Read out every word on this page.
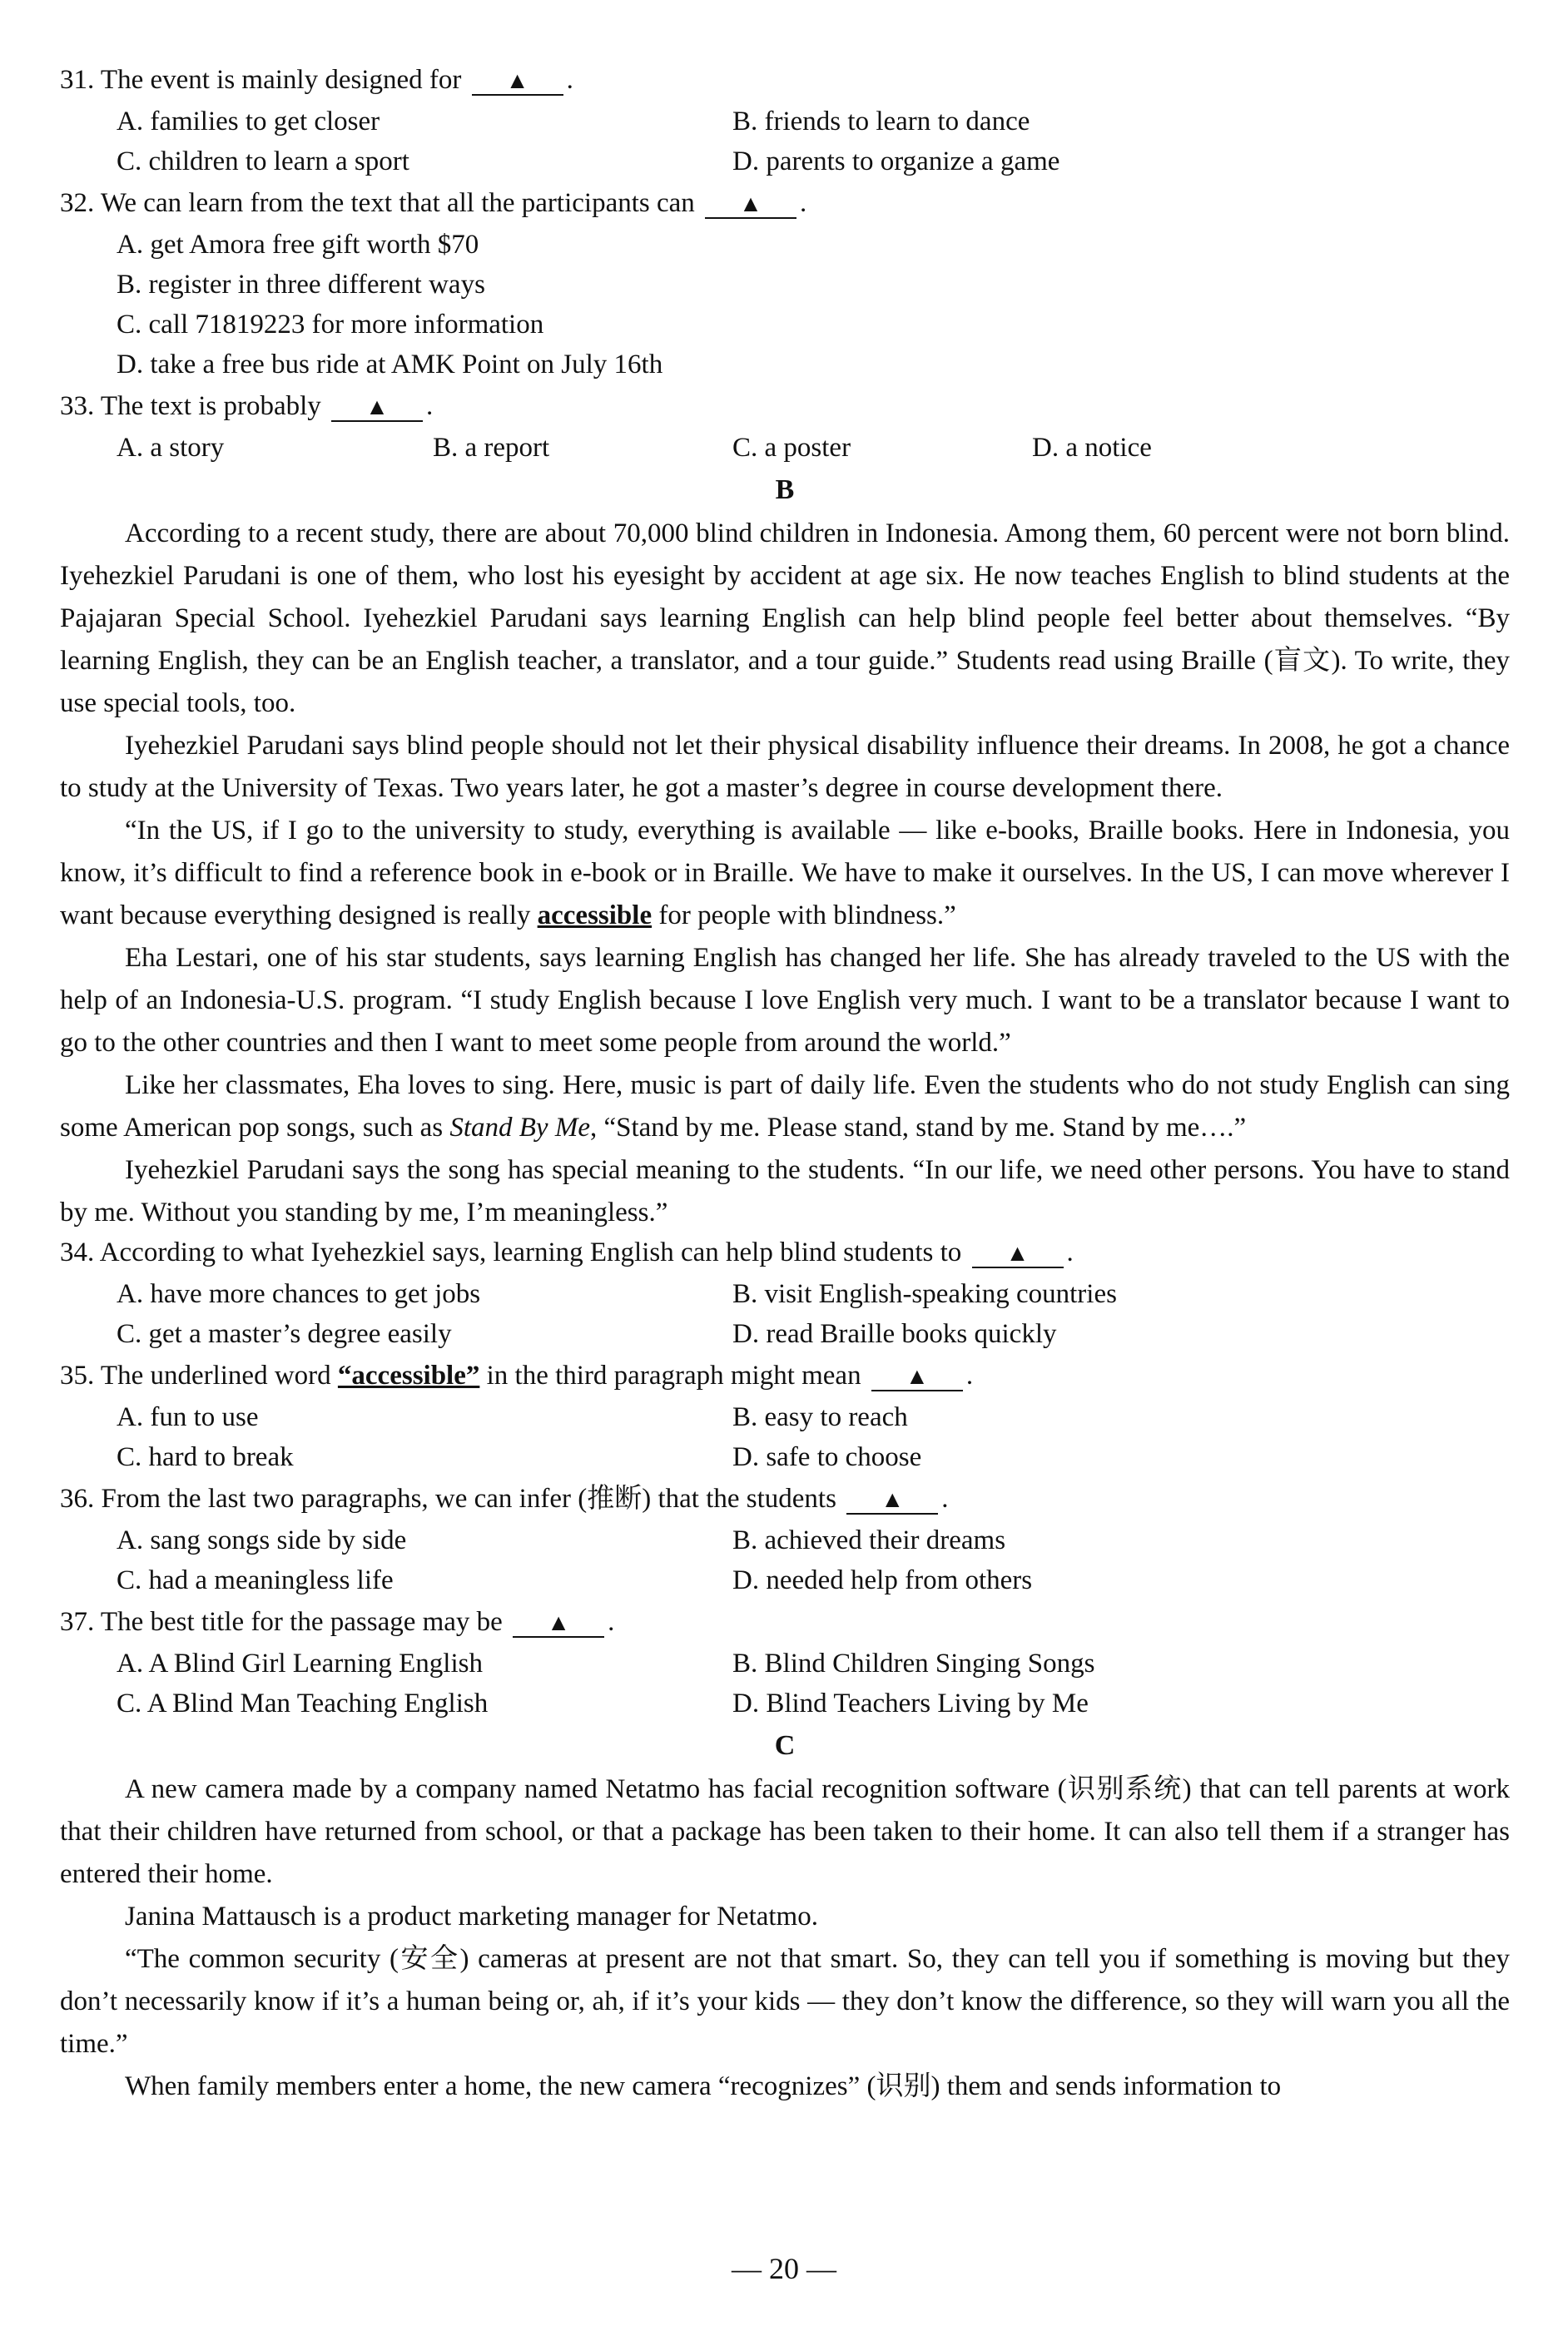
31. The event is mainly designed for ▲ .
A. families to get closer	B. friends to learn to dance
C. children to learn a sport	D. parents to organize a game
32. We can learn from the text that all the participants can ▲ .
A. get Amora free gift worth $70
B. register in three different ways
C. call 71819223 for more information
D. take a free bus ride at AMK Point on July 16th
33. The text is probably ▲ .
A. a story	B. a report	C. a poster	D. a notice
B

According to a recent study, there are about 70,000 blind children in Indonesia. Among them, 60 percent were not born blind. Iyehezkiel Parudani is one of them, who lost his eyesight by accident at age six. He now teaches English to blind students at the Pajajaran Special School. Iyehezkiel Parudani says learning English can help blind people feel better about themselves. “By learning English, they can be an English teacher, a translator, and a tour guide.” Students read using Braille (盲文). To write, they use special tools, too.

Iyehezkiel Parudani says blind people should not let their physical disability influence their dreams. In 2008, he got a chance to study at the University of Texas. Two years later, he got a master’s degree in course development there.

“In the US, if I go to the university to study, everything is available — like e-books, Braille books. Here in Indonesia, you know, it’s difficult to find a reference book in e-book or in Braille. We have to make it ourselves. In the US, I can move wherever I want because everything designed is really accessible for people with blindness.”

Eha Lestari, one of his star students, says learning English has changed her life. She has already traveled to the US with the help of an Indonesia-U.S. program. “I study English because I love English very much. I want to be a translator because I want to go to the other countries and then I want to meet some people from around the world.”

Like her classmates, Eha loves to sing. Here, music is part of daily life. Even the students who do not study English can sing some American pop songs, such as Stand By Me, “Stand by me. Please stand, stand by me. Stand by me….”

Iyehezkiel Parudani says the song has special meaning to the students. “In our life, we need other persons. You have to stand by me. Without you standing by me, I’m meaningless.”

34. According to what Iyehezkiel says, learning English can help blind students to ▲ .
A. have more chances to get jobs	B. visit English-speaking countries
C. get a master’s degree easily	D. read Braille books quickly
35. The underlined word “accessible” in the third paragraph might mean ▲ .
A. fun to use	B. easy to reach
C. hard to break	D. safe to choose
36. From the last two paragraphs, we can infer (推断) that the students ▲ .
A. sang songs side by side	B. achieved their dreams
C. had a meaningless life	D. needed help from others
37. The best title for the passage may be ▲ .
A. A Blind Girl Learning English	B. Blind Children Singing Songs
C. A Blind Man Teaching English	D. Blind Teachers Living by Me
C

A new camera made by a company named Netatmo has facial recognition software (识别系统) that can tell parents at work that their children have returned from school, or that a package has been taken to their home. It can also tell them if a stranger has entered their home.

Janina Mattausch is a product marketing manager for Netatmo.

“The common security (安全) cameras at present are not that smart. So, they can tell you if something is moving but they don’t necessarily know if it’s a human being or, ah, if it’s your kids — they don’t know the difference, so they will warn you all the time.”

When family members enter a home, the new camera “recognizes” (识别) them and sends information to

— 20 —
